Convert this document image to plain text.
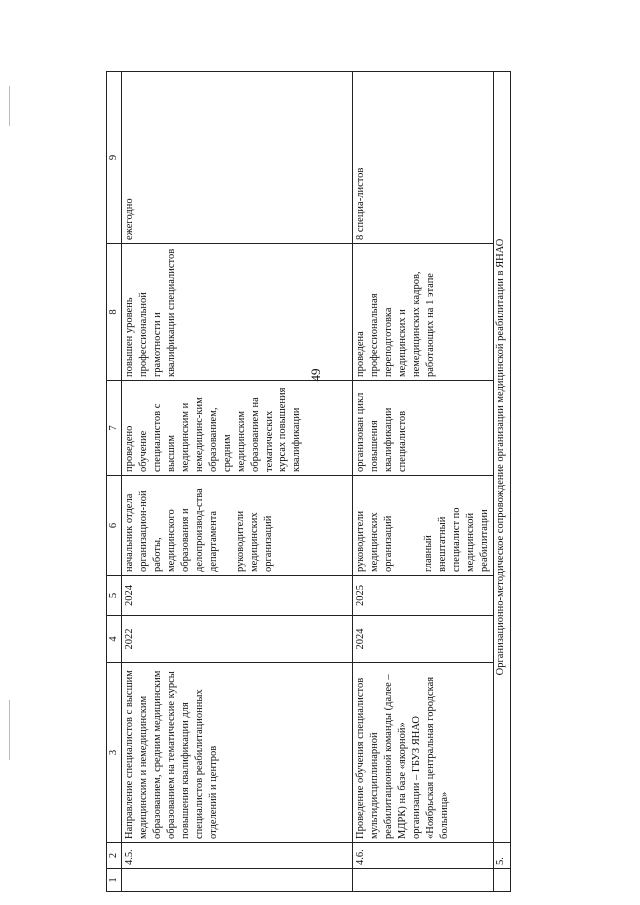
49
1	2	3	4	5	6	7	8	9
	4.5.	Направление специалистов с высшим медицинским и немедицинским образованием, средним медицинским образованием на тематические курсы повышения квалификации для специалистов реабилитационных отделений и центров	2022	2024	начальник отдела организацион-ной работы, медицинского образования и делопроизвод-ства департамента руководители медицинских организаций	проведено обучение специалистов с высшим медицинским и немедицинс-ким образованием, средним медицинским образованием на тематических курсах повышения квалификации	повышен уровень профессиональной грамотности и квалификации специалистов	ежегодно
	4.6.	Проведение обучения специалистов мультидисциплинарной реабилитационной команды (далее – МДРК) на базе «якорной» организации – ГБУЗ ЯНАО «Ноябрьская центральная городская больница»	2024	2025	руководители медицинских организаций главный внештатный специалист по медицинской реабилитации	организован цикл повышения квалификации специалистов	проведена профессиональная переподготовка медицинских и немедицинских кадров, работающих на 1 этапе	8 специа-листов
	5.	Организационно-методическое сопровождение организации медицинской реабилитации в ЯНАО						
